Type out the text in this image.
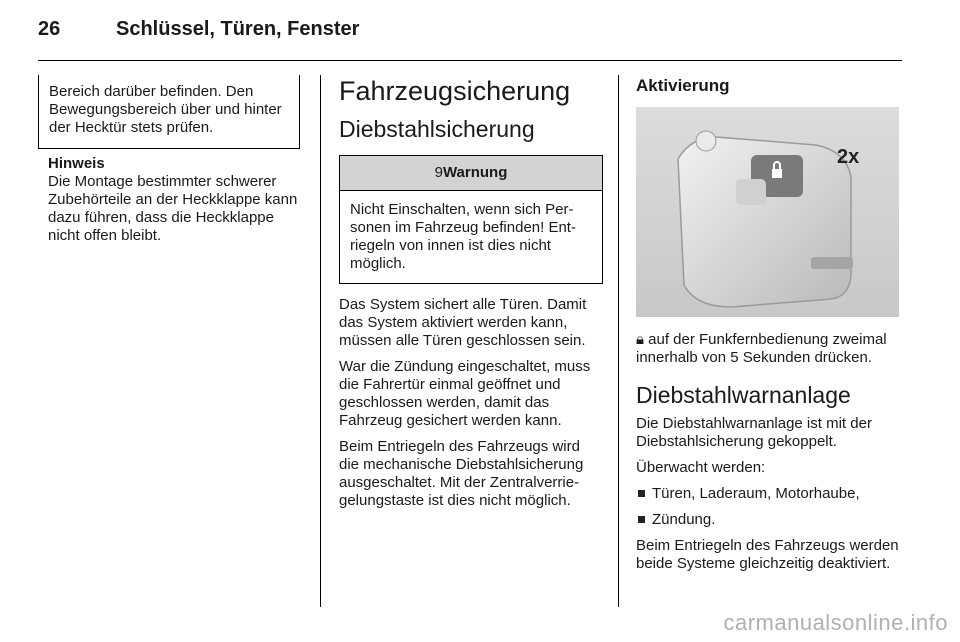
26	Schlüssel, Türen, Fenster
Bereich darüber befinden. Den Bewegungsbereich über und hinter der Hecktür stets prüfen.
Hinweis
Die Montage bestimmter schwerer Zubehörteile an der Heckklappe kann dazu führen, dass die Heckklappe nicht offen bleibt.
Fahrzeugsicherung
Diebstahlsicherung
9Warnung
Nicht Einschalten, wenn sich Personen im Fahrzeug befinden! Entriegeln von innen ist dies nicht möglich.

Das System sichert alle Türen. Damit das System aktiviert werden kann, müssen alle Türen geschlossen sein.

War die Zündung eingeschaltet, muss die Fahrertür einmal geöffnet und geschlossen werden, damit das Fahrzeug gesichert werden kann.

Beim Entriegeln des Fahrzeugs wird die mechanische Diebstahlsicherung ausgeschaltet. Mit der Zentralverriegelungstaste ist dies nicht möglich.

Aktivierung
2x

🔒︎ auf der Funkfernbedienung zweimal innerhalb von 5 Sekunden drücken.

Diebstahlwarnanlage

Die Diebstahlwarnanlage ist mit der Diebstahlsicherung gekoppelt.

Überwacht werden:

Türen, Laderaum, Motorhaube,
Zündung.

Beim Entriegeln des Fahrzeugs werden beide Systeme gleichzeitig deaktiviert.

carmanualsonline.info
